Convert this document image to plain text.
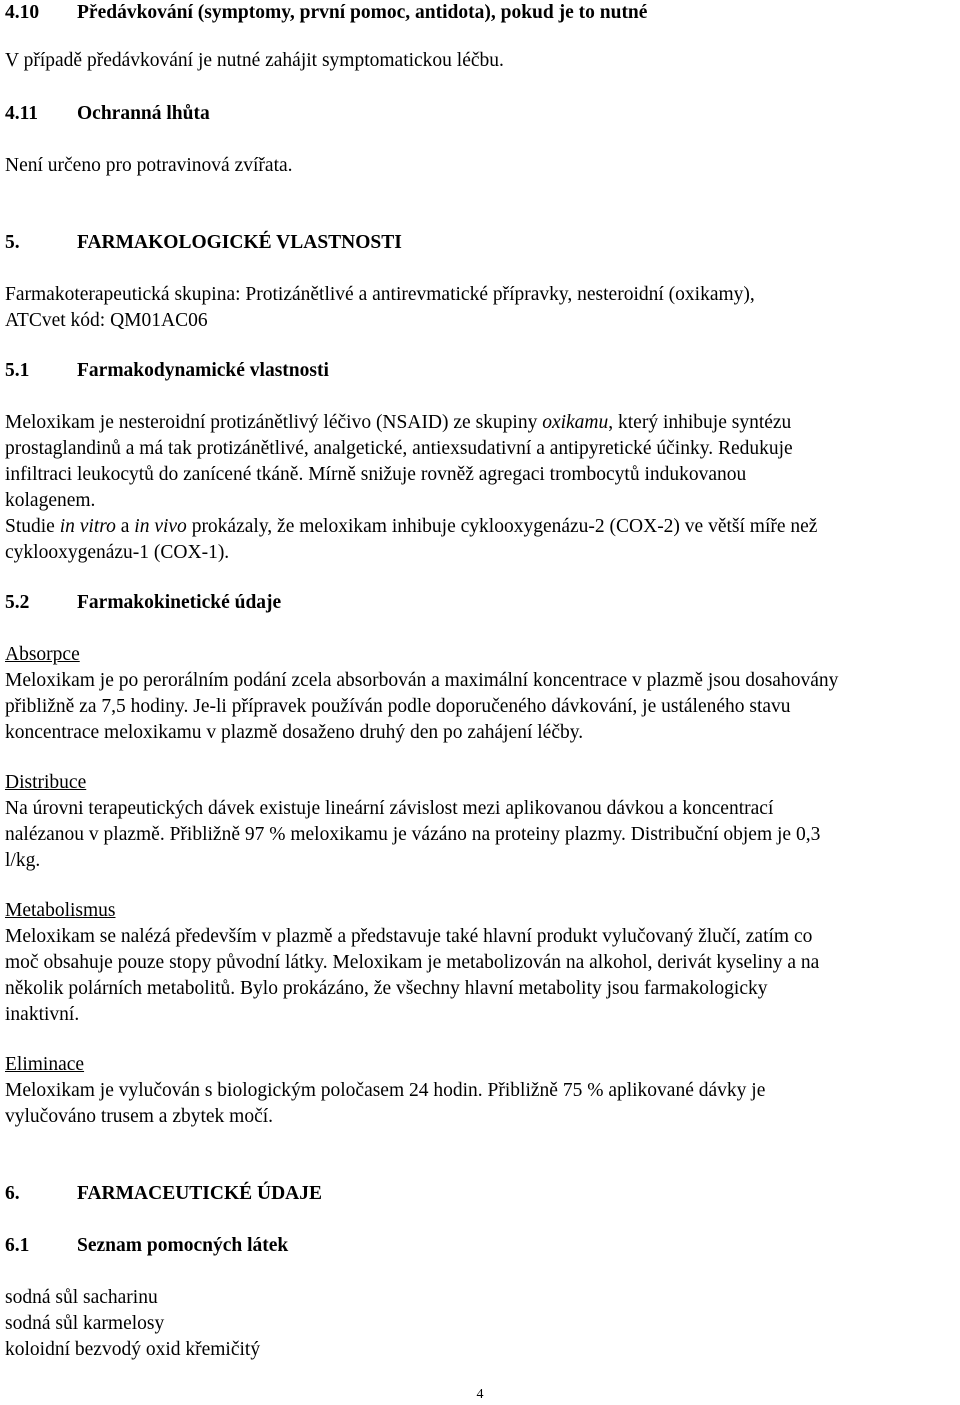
4.10 Předávkování (symptomy, první pomoc, antidota), pokud je to nutné

V případě předávkování je nutné zahájit symptomatickou léčbu.

4.11 Ochranná lhůta

Není určeno pro potravinová zvířata.

5.	FARMAKOLOGICKÉ VLASTNOSTI

Farmakoterapeutická skupina: Protizánětlivé a antirevmatické přípravky, nesteroidní (oxikamy),
ATCvet kód: QM01AC06

5.1 Farmakodynamické vlastnosti

Meloxikam je nesteroidní protizánětlivý léčivo (NSAID) ze skupiny oxikamu, který inhibuje syntézu
prostaglandinů a má tak protizánětlivé, analgetické, antiexsudativní a antipyretické účinky. Redukuje
infiltraci leukocytů do zanícené tkáně. Mírně snižuje rovněž agregaci trombocytů indukovanou
kolagenem.
Studie in vitro a in vivo prokázaly, že meloxikam inhibuje cyklooxygenázu-2 (COX-2) ve větší míře než
cyklooxygenázu-1 (COX-1).

5.2 Farmakokinetické údaje

Absorpce
Meloxikam je po perorálním podání zcela absorbován a maximální koncentrace v plazmě jsou dosahovány
přibližně za 7,5 hodiny. Je-li přípravek používán podle doporučeného dávkování, je ustáleného stavu
koncentrace meloxikamu v plazmě dosaženo druhý den po zahájení léčby.

Distribuce
Na úrovni terapeutických dávek existuje lineární závislost mezi aplikovanou dávkou a koncentrací
nalézanou v plazmě. Přibližně 97 % meloxikamu je vázáno na proteiny plazmy. Distribuční objem je 0,3
l/kg.

Metabolismus
Meloxikam se nalézá především v plazmě a představuje také hlavní produkt vylučovaný žlučí, zatím co
moč obsahuje pouze stopy původní látky. Meloxikam je metabolizován na alkohol, derivát kyseliny a na
několik polárních metabolitů. Bylo prokázáno, že všechny hlavní metabolity jsou farmakologicky
inaktivní.

Eliminace
Meloxikam je vylučován s biologickým poločasem 24 hodin. Přibližně 75 % aplikované dávky je
vylučováno trusem a zbytek močí.

6.	FARMACEUTICKÉ ÚDAJE

6.1 Seznam pomocných látek

sodná sůl sacharinu
sodná sůl karmelosy
koloidní bezvodý oxid křemičitý

4
